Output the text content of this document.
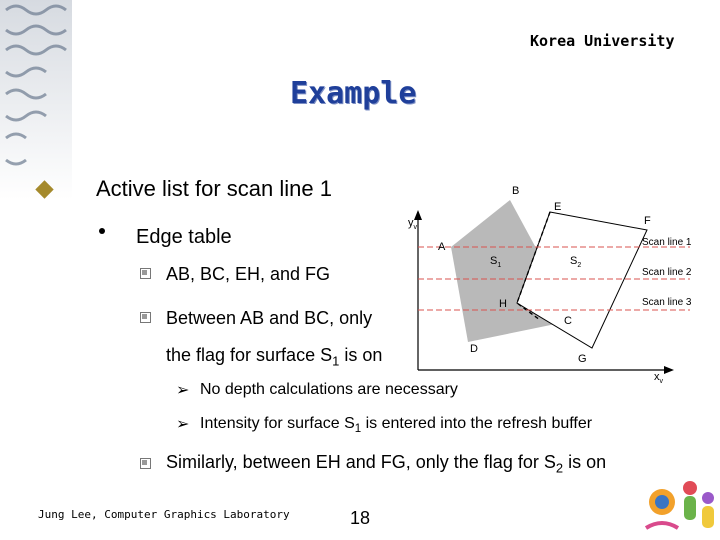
Korea University
Example
Active list for scan line 1
Edge table
AB, BC, EH, and FG
Between AB and BC, only
the flag for surface $S_1$ is on
➢ No depth calculations are necessary
➢ Intensity for surface $S_1$ is entered into the refresh buffer
Similarly, between EH and FG, only the flag for $S_2$ is on
B
E
F
A
H
C
D
G
$y_v$
$x_v$
$S_1$	$S_2$
Scan line 1
Scan line 2
Scan line 3
Jung Lee, Computer Graphics Laboratory	18
